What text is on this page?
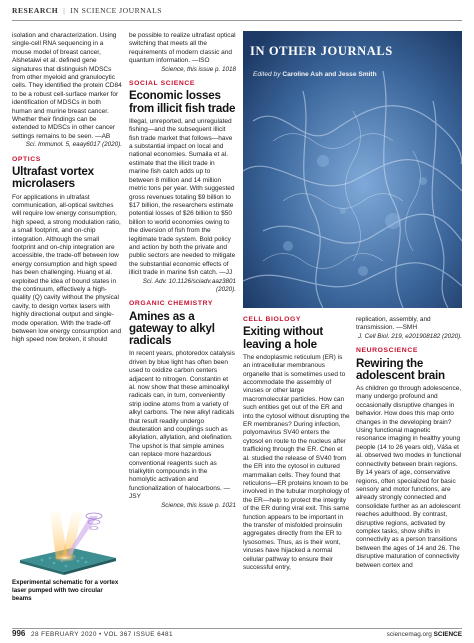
RESEARCH | IN SCIENCE JOURNALS

isolation and characterization. Using single-cell RNA sequencing in a mouse model of breast cancer, Alshetaiwi et al. defined gene signatures that distinguish MDSCs from other myeloid and granulocytic cells. They identified the protein CD84 to be a robust cell-surface marker for identification of MDSCs in both human and murine breast cancer. Whether their findings can be extended to MDSCs in other cancer settings remains to be seen. —AB

Sci. Immunol. 5, eaay6017 (2020).

OPTICS
Ultrafast vortex microlasers

For applications in ultrafast communication, all-optical switches will require low energy consumption, high speed, a strong modulation ratio, a small footprint, and on-chip integration. Although the small footprint and on-chip integration are accessible, the trade-off between low energy consumption and high speed has been challenging. Huang et al. exploited the idea of bound states in the continuum, effectively a high-quality (Q) cavity without the physical cavity, to design vortex lasers with highly directional output and single-mode operation. With the trade-off between low energy consumption and high speed now broken, it should

Experimental schematic for a vortex laser pumped with two circular beams

be possible to realize ultrafast optical switching that meets all the requirements of modern classic and quantum information. —ISO

Science, this issue p. 1018

SOCIAL SCIENCE
Economic losses from illicit fish trade

Illegal, unreported, and unregulated fishing—and the subsequent illicit fish trade market that follows—have a substantial impact on local and national economies. Sumaila et al. estimate that the illicit trade in marine fish catch adds up to between 8 million and 14 million metric tons per year. With suggested gross revenues totaling $9 billion to $17 billion, the researchers estimate potential losses of $26 billion to $50 billion to world economies owing to the diversion of fish from the legitimate trade system. Bold policy and action by both the private and public sectors are needed to mitigate the substantial economic effects of illicit trade in marine fish catch. —JJ

Sci. Adv. 10.1126/sciadv.aaz3801 (2020).

ORGANIC CHEMISTRY
Amines as a gateway to alkyl radicals

In recent years, photoredox catalysis driven by blue light has often been used to oxidize carbon centers adjacent to nitrogen. Constantin et al. now show that these aminoalkyl radicals can, in turn, conveniently strip iodine atoms from a variety of alkyl carbons. The new alkyl radicals that result readily undergo deuteration and couplings such as alkylation, allylation, and olefination. The upshot is that simple amines can replace more hazardous conventional reagents such as trialkyltin compounds in the homolytic activation and functionalization of halocarbons. —JSY

Science, this issue p. 1021

IN OTHER JOURNALS
Edited by Caroline Ash and Jesse Smith
CELL BIOLOGY
Exiting without leaving a hole

The endoplasmic reticulum (ER) is an intracellular membranous organelle that is sometimes used to accommodate the assembly of viruses or other large macromolecular particles. How can such entities get out of the ER and into the cytosol without disrupting the ER membranes? During infection, polyomavirus SV40 enters the cytosol en route to the nucleus after trafficking through the ER. Chen et al. studied the release of SV40 from the ER into the cytosol in cultured mammalian cells. They found that reticulons—ER proteins known to be involved in the tubular morphology of the ER—help to protect the integrity of the ER during viral exit. This same function appears to be important in the transfer of misfolded proinsulin aggregates directly from the ER to lysosomes. Thus, as is their wont, viruses have hijacked a normal cellular pathway to ensure their successful entry,

replication, assembly, and transmission. —SMH

J. Cell Biol. 219, e201908182 (2020).

NEUROSCIENCE
Rewiring the adolescent brain

As children go through adolescence, many undergo profound and occasionally disruptive changes in behavior. How does this map onto changes in the developing brain? Using functional magnetic resonance imaging in healthy young people (14 to 26 years old), Váša et al. observed two modes in functional connectivity between brain regions. By 14 years of age, conservative regions, often specialized for basic sensory and motor functions, are already strongly connected and consolidate further as an adolescent reaches adulthood. By contrast, disruptive regions, activated by complex tasks, show shifts in connectivity as a person transitions between the ages of 14 and 26. The disruptive maturation of connectivity between cortex and

996 28 FEBRUARY 2020 • VOL 367 ISSUE 6481	sciencemag.org SCIENCE
